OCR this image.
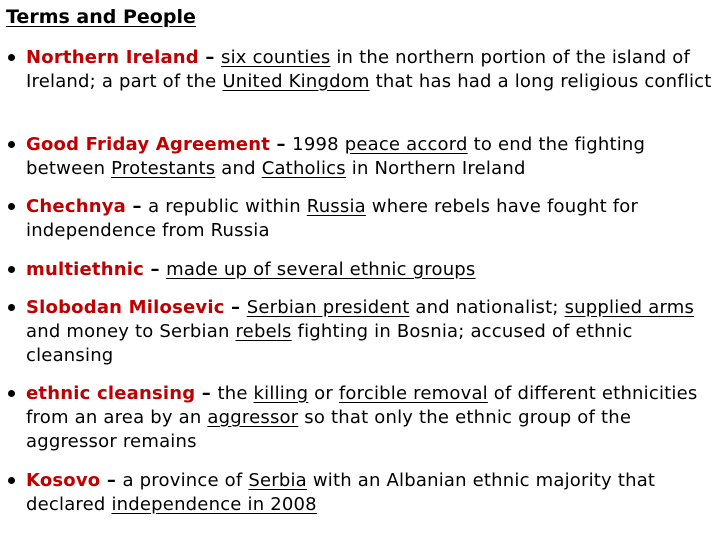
Terms and People
Northern Ireland – six counties in the northern portion of the island of Ireland; a part of the United Kingdom that has had a long religious conflict
Good Friday Agreement – 1998 peace accord to end the fighting between Protestants and Catholics in Northern Ireland
Chechnya – a republic within Russia where rebels have fought for independence from Russia
multiethnic – made up of several ethnic groups
Slobodan Milosevic – Serbian president and nationalist; supplied arms and money to Serbian rebels fighting in Bosnia; accused of ethnic cleansing
ethnic cleansing – the killing or forcible removal of different ethnicities from an area by an aggressor so that only the ethnic group of the aggressor remains
Kosovo – a province of Serbia with an Albanian ethnic majority that declared independence in 2008
